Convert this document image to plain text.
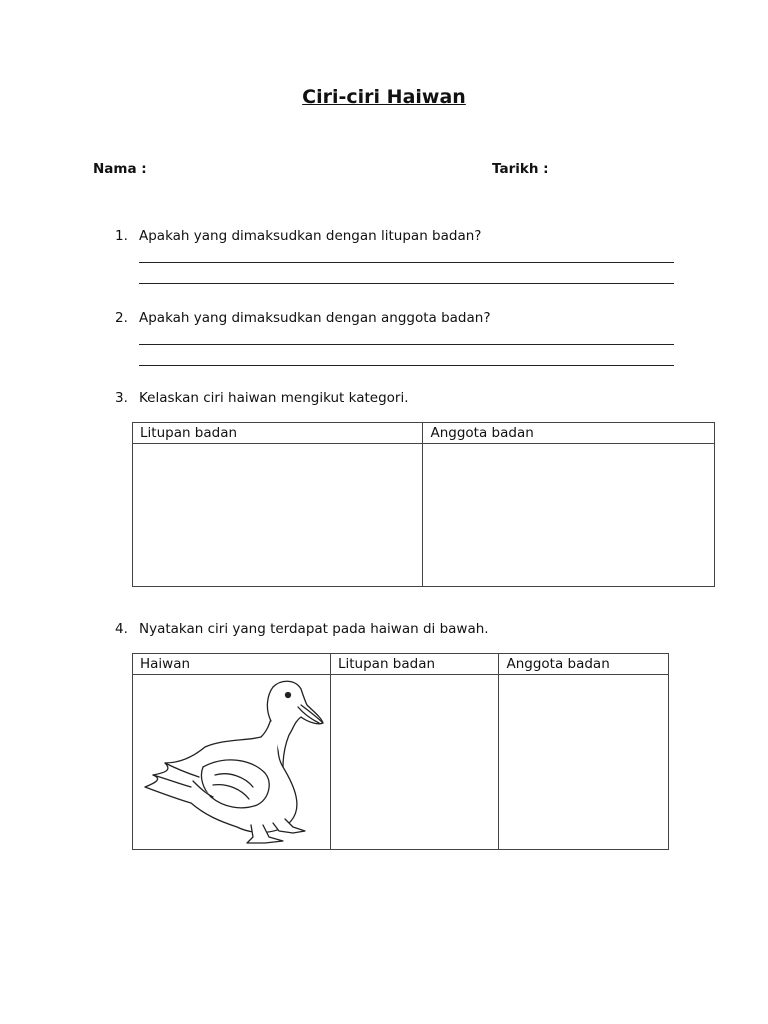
Ciri-ciri Haiwan
Nama :	Tarikh :
1. Apakah yang dimaksudkan dengan litupan badan?
2. Apakah yang dimaksudkan dengan anggota badan?
3. Kelaskan ciri haiwan mengikut kategori.
Litupan badan	Anggota badan

4. Nyatakan ciri yang terdapat pada haiwan di bawah.
Haiwan	Litupan badan	Anggota badan
